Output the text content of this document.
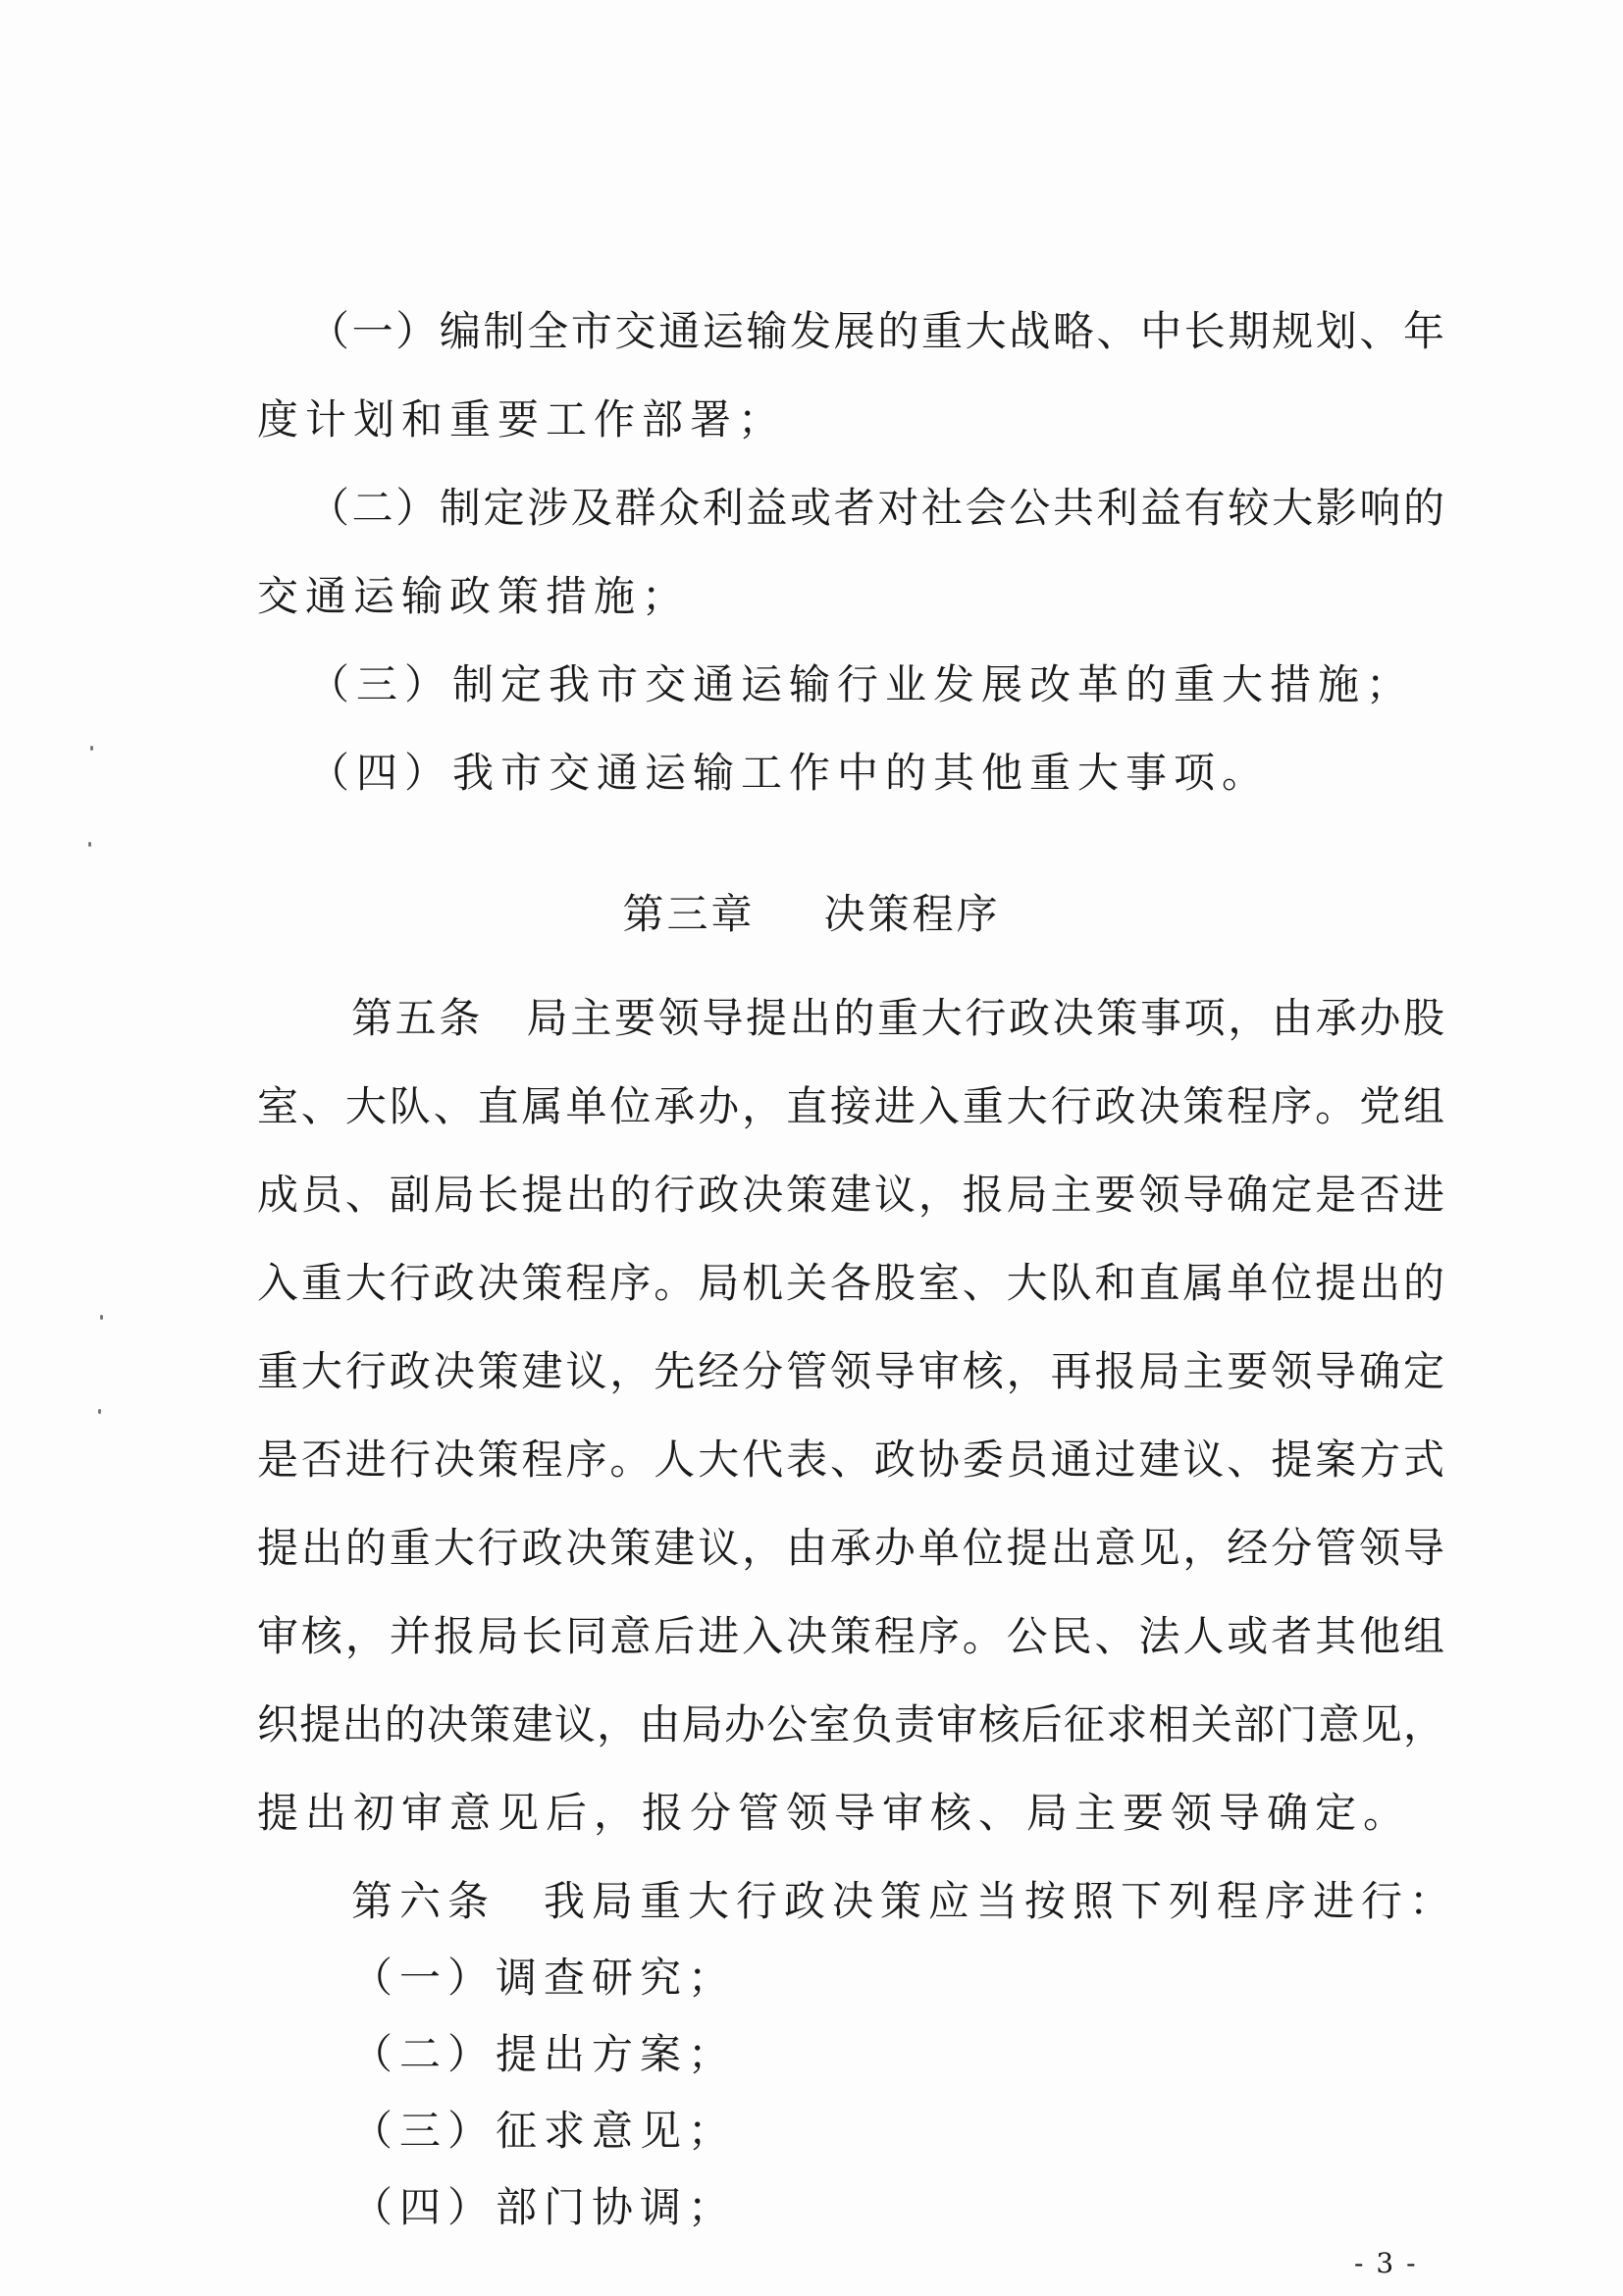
（一）编制全市交通运输发展的重大战略、中长期规划、年
度计划和重要工作部署；
（二）制定涉及群众利益或者对社会公共利益有较大影响的
交通运输政策措施；
（三）制定我市交通运输行业发展改革的重大措施；
（四）我市交通运输工作中的其他重大事项。
第三章 决策程序
第五条　局主要领导提出的重大行政决策事项，由承办股
室、大队、直属单位承办，直接进入重大行政决策程序。党组
成员、副局长提出的行政决策建议，报局主要领导确定是否进
入重大行政决策程序。局机关各股室、大队和直属单位提出的
重大行政决策建议，先经分管领导审核，再报局主要领导确定
是否进行决策程序。人大代表、政协委员通过建议、提案方式
提出的重大行政决策建议，由承办单位提出意见，经分管领导
审核，并报局长同意后进入决策程序。公民、法人或者其他组
织提出的决策建议，由局办公室负责审核后征求相关部门意见，
提出初审意见后，报分管领导审核、局主要领导确定。
第六条　我局重大行政决策应当按照下列程序进行：
（一）调查研究；
（二）提出方案；
（三）征求意见；
- 3 -
（四）部门协调；
